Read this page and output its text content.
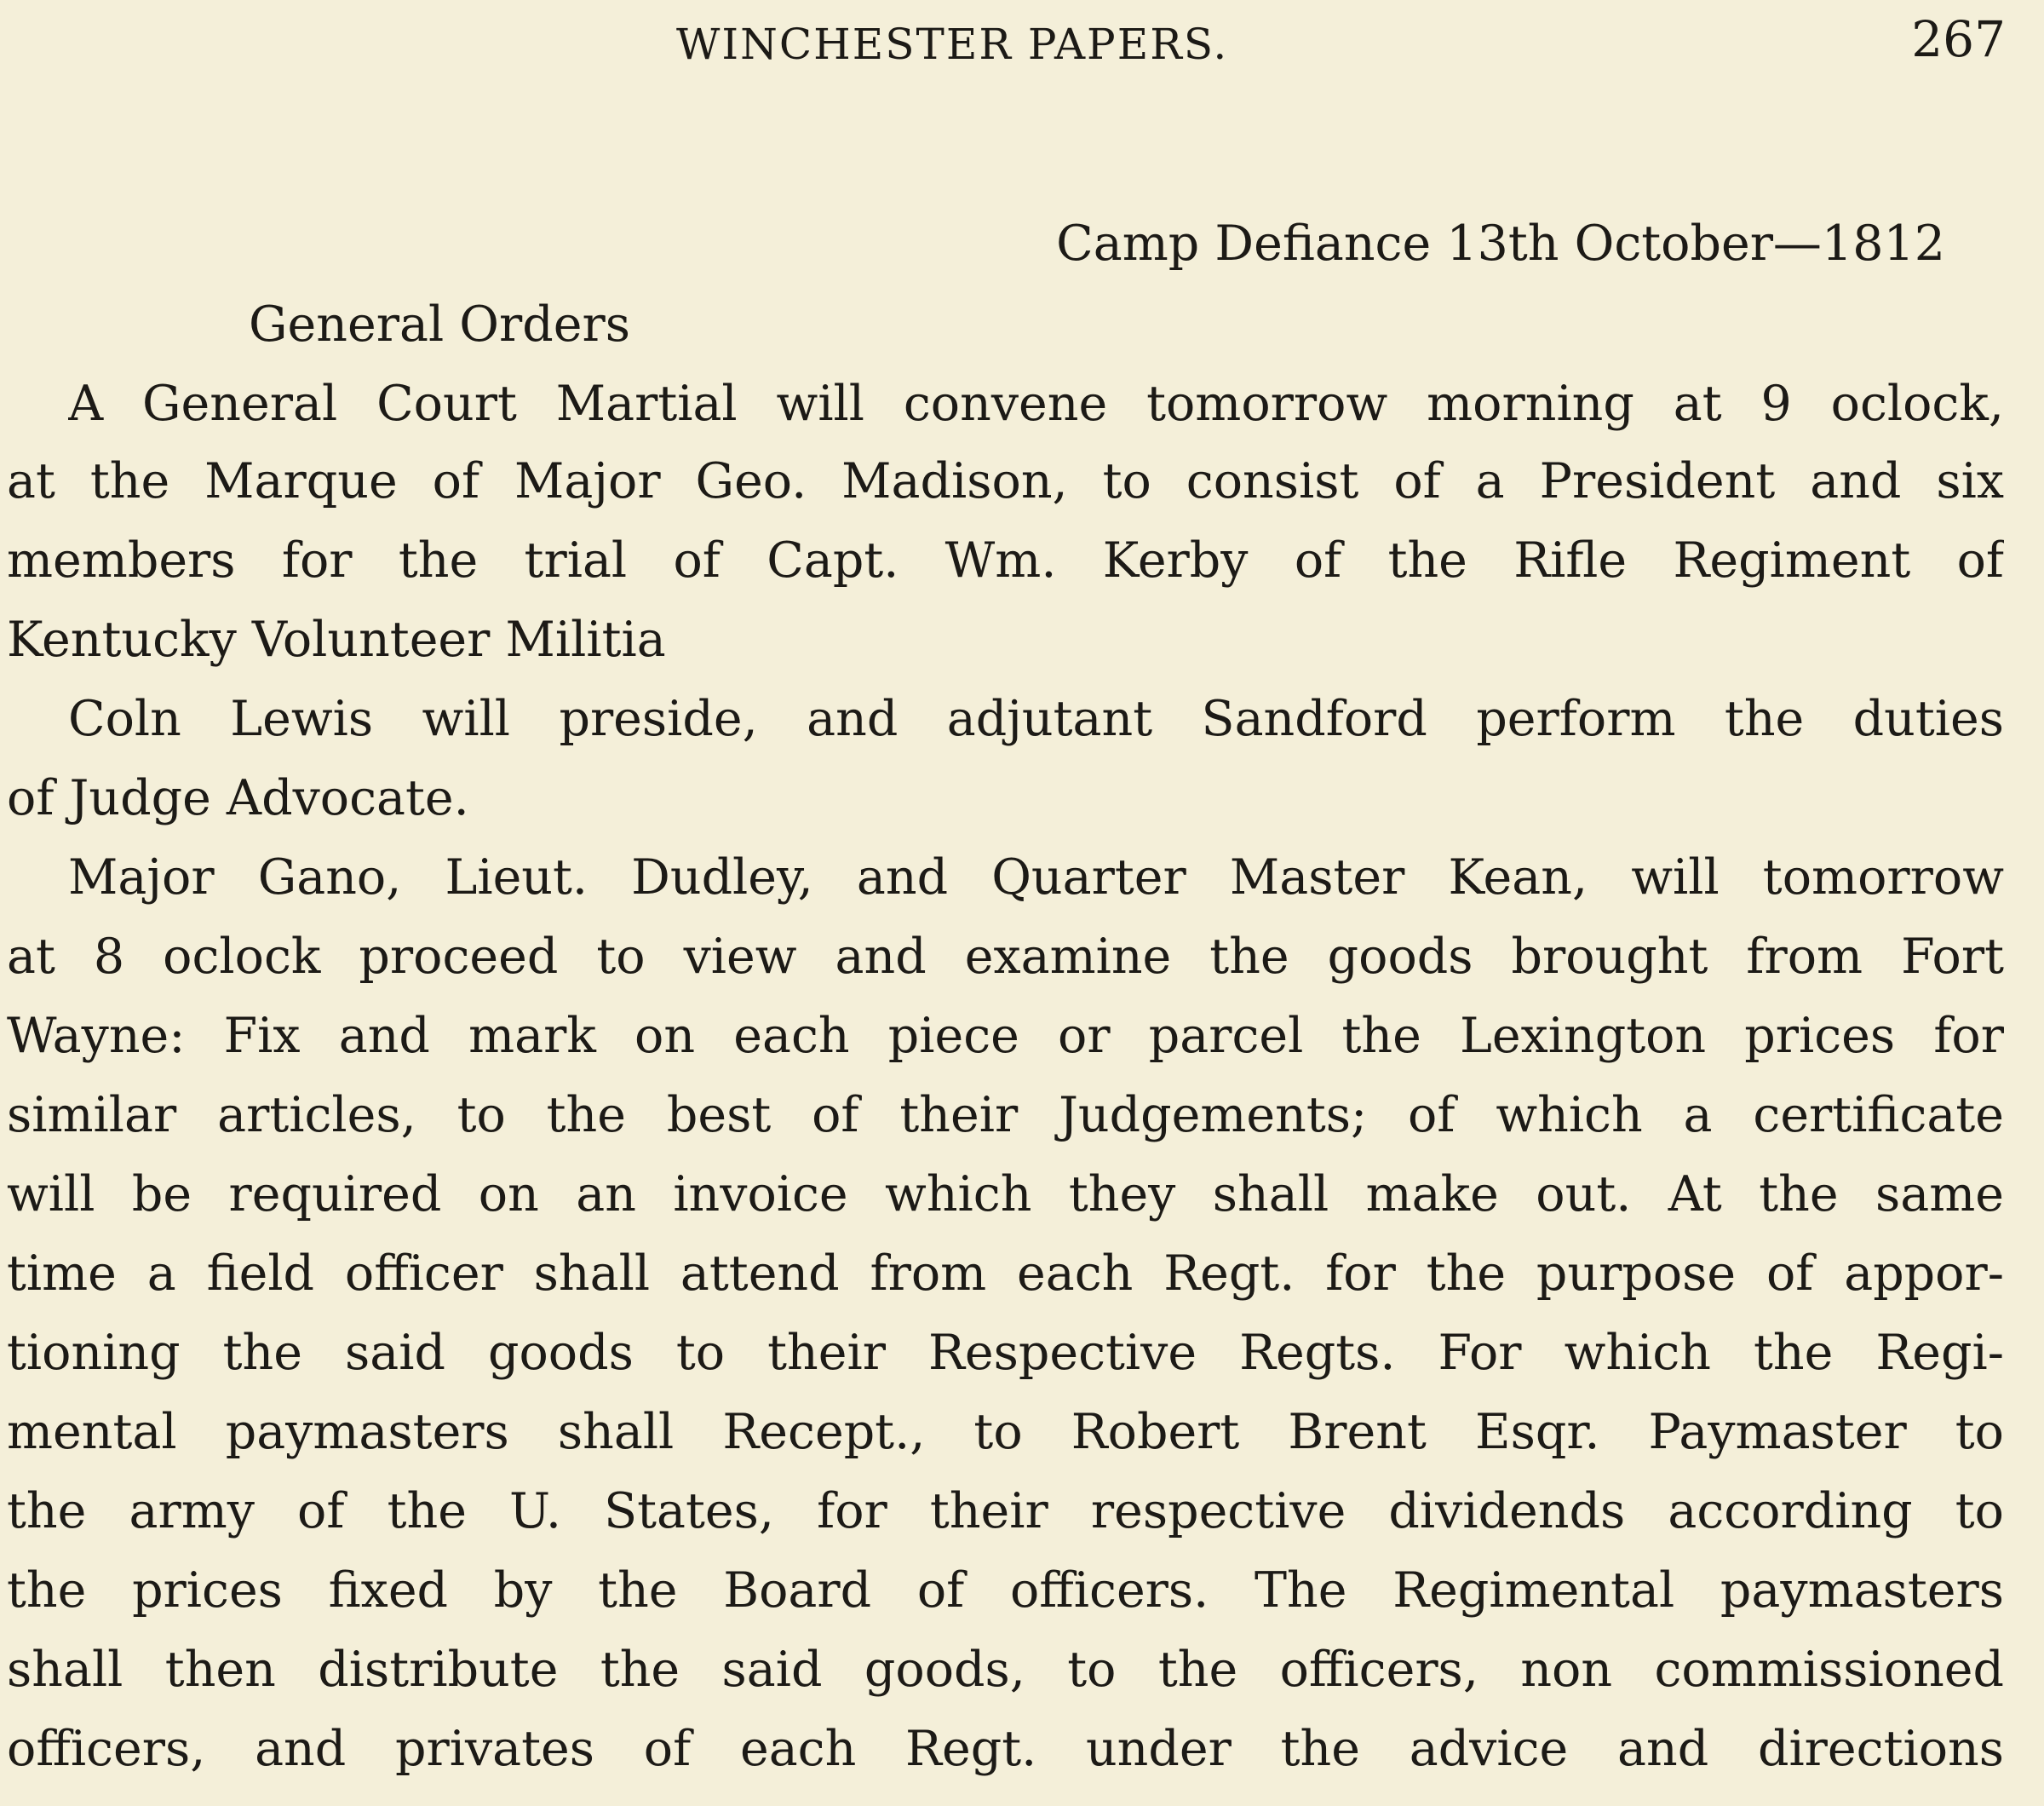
WINCHESTER PAPERS.	267
Camp Defiance 13th October—1812
General Orders
A General Court Martial will convene tomorrow morning at 9 oclock,
at the Marque of Major Geo. Madison, to consist of a President and six
members for the trial of Capt. Wm. Kerby of the Rifle Regiment of
Kentucky Volunteer Militia
Coln Lewis will preside, and adjutant Sandford perform the duties
of Judge Advocate.
Major Gano, Lieut. Dudley, and Quarter Master Kean, will tomorrow
at 8 oclock proceed to view and examine the goods brought from Fort
Wayne: Fix and mark on each piece or parcel the Lexington prices for
similar articles, to the best of their Judgements; of which a certificate
will be required on an invoice which they shall make out. At the same
time a field officer shall attend from each Regt. for the purpose of appor-
tioning the said goods to their Respective Regts. For which the Regi-
mental paymasters shall Recept., to Robert Brent Esqr. Paymaster to
the army of the U. States, for their respective dividends according to
the prices fixed by the Board of officers. The Regimental paymasters
shall then distribute the said goods, to the officers, non commissioned
officers, and privates of each Regt. under the advice and directions
